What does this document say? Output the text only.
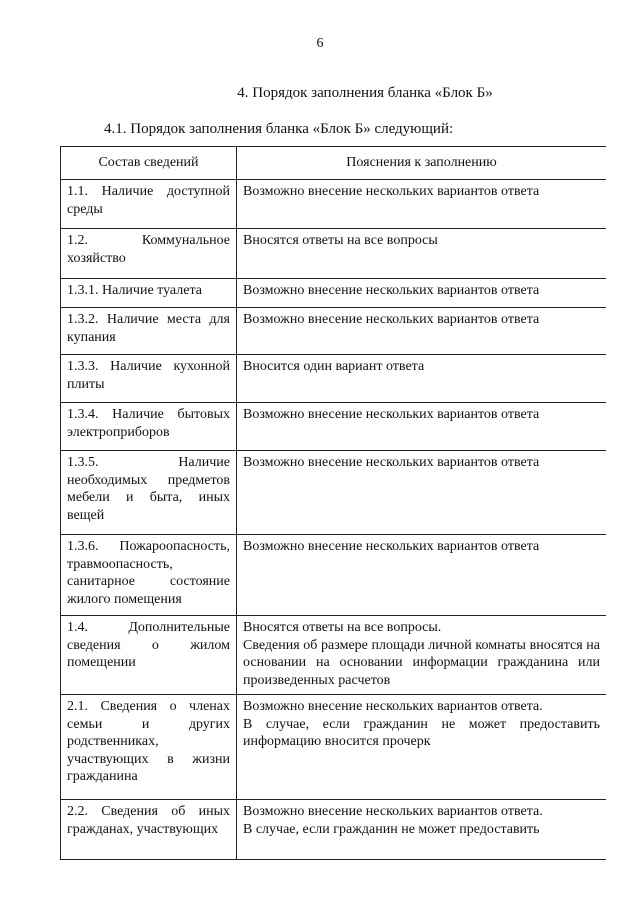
6
4. Порядок заполнения бланка «Блок Б»
4.1. Порядок заполнения бланка «Блок Б» следующий:
Состав сведений	Пояснения к заполнению
1.1. Наличие доступной среды	Возможно внесение нескольких вариантов ответа

1.2. Коммунальное хозяйство	Вносятся ответы на все вопросы

1.3.1. Наличие туалета	Возможно внесение нескольких вариантов ответа

1.3.2. Наличие места для купания	Возможно внесение нескольких вариантов ответа

1.3.3. Наличие кухонной плиты	Вносится один вариант ответа

1.3.4. Наличие бытовых электроприборов	Возможно внесение нескольких вариантов ответа

1.3.5. Наличие необходимых предметов мебели и быта, иных вещей	Возможно внесение нескольких вариантов ответа

1.3.6. Пожароопасность, травмоопасность, санитарное состояние жилого помещения	Возможно внесение нескольких вариантов ответа

1.4. Дополнительные сведения о жилом помещении	Вносятся ответы на все вопросы.
Сведения об размере площади личной комнаты вносятся на основании на основании информации гражданина или произведенных расчетов

2.1. Сведения о членах семьи и других родственниках, участвующих в жизни гражданина	Возможно внесение нескольких вариантов ответа.
В случае, если гражданин не может предоставить информацию вносится прочерк

2.2. Сведения об иных гражданах, участвующих	Возможно внесение нескольких вариантов ответа.
В случае, если гражданин не может предоставить
